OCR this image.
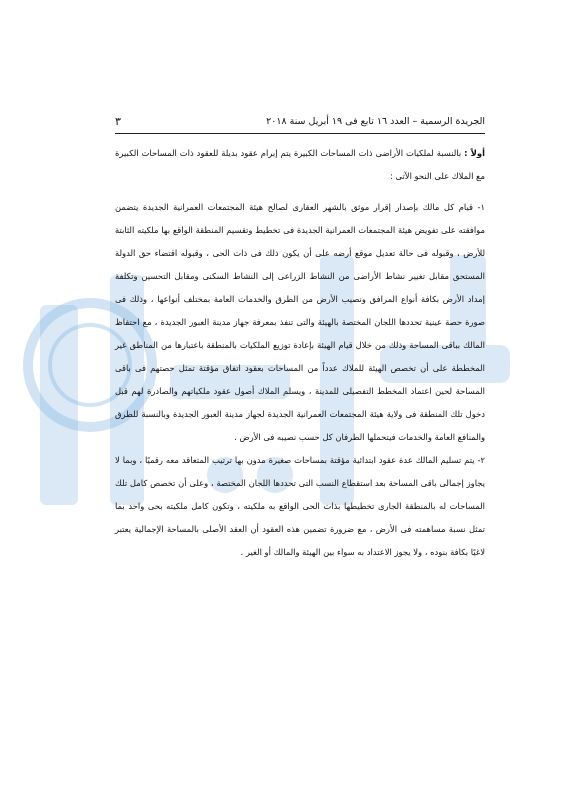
الجريدة الرسمية – العدد ١٦ تابع فى ١٩ أبريل سنة ٢٠١٨
٣
أولاً : بالنسبة لملكيات الأراضى ذات المساحات الكبيرة يتم إبرام عقود بديلة للعقود ذات المساحات الكبيرة مع الملاك على النحو الآتى :

١- قيام كل مالك بإصدار إقرار موثق بالشهر العقارى لصالح هيئة المجتمعات العمرانية الجديدة يتضمن موافقته على تفويض هيئة المجتمعات العمرانية الجديدة فى تخطيط وتقسيم المنطقة الواقع بها ملكيته الثابتة للأرض ، وقبوله فى حالة تعديل موقع أرضه على أن يكون ذلك فى ذات الحى ، وقبوله اقتضاء حق الدولة المستحق مقابل تغيير نشاط الأراضى من النشاط الزراعى إلى النشاط السكنى ومقابل التحسين وتكلفة إمداد الأرض بكافة أنواع المرافق ونصيب الأرض من الطرق والخدمات العامة بمختلف أنواعها ، وذلك فى صورة حصة عينية تحددها اللجان المختصة بالهيئة والتى تنفذ بمعرفة جهاز مدينة العبور الجديدة ، مع احتفاظ المالك بباقى المساحة وذلك من خلال قيام الهيئة بإعادة توزيع الملكيات بالمنطقة باعتبارها من المناطق غير المخططة على أن تخصص الهيئة للملاك عدداً من المساحات بعقود اتفاق مؤقتة تمثل حصتهم فى باقى المساحة لحين اعتماد المخطط التفصيلى للمدينة ، ويسلم الملاك أصول عقود ملكياتهم والصادرة لهم قبل دخول تلك المنطقة فى ولاية هيئة المجتمعات العمرانية الجديدة لجهاز مدينة العبور الجديدة وبالنسبة للطرق والمنافع العامة والخدمات فيتحملها الطرفان كل حسب نصيبه فى الأرض .

٢- يتم تسليم المالك عدة عقود ابتدائية مؤقتة بمساحات صغيرة مدون بها ترتيب المتعاقد معه رقميًا ، وبما لا يجاوز إجمالى باقى المساحة بعد استقطاع النسب التى تحددها اللجان المختصة ، وعلى أن تخصص كامل تلك المساحات له بالمنطقة الجارى تخطيطها بذات الحى الواقع به ملكيته ، وتكون كامل ملكيته بحى واحد بما تمثل نسبة مساهمته فى الأرض ، مع ضرورة تضمين هذه العقود أن العقد الأصلى بالمساحة الإجمالية يعتبر لاغيًا بكافة بنوده ، ولا يجوز الاعتداد به سواء بين الهيئة والمالك أو الغير .
